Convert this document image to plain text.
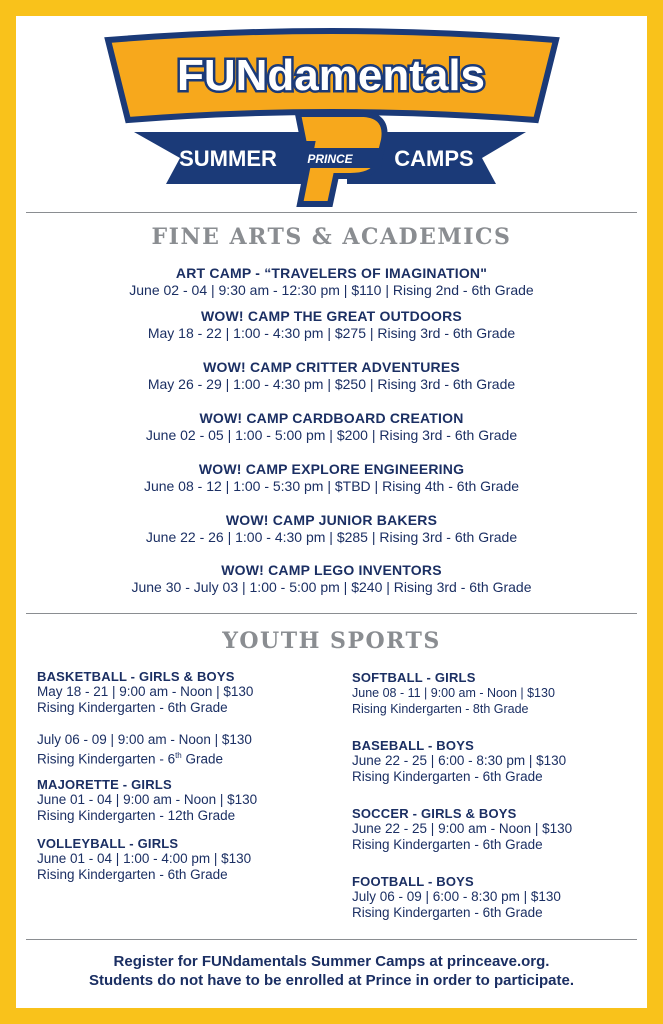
FUNdamentals
SUMMER	CAMPS
PRINCE
FINE ARTS & ACADEMICS
ART CAMP - “TRAVELERS OF IMAGINATION"
June 02 - 04 | 9:30 am - 12:30 pm | $110 | Rising 2nd - 6th Grade
WOW! CAMP THE GREAT OUTDOORS
May 18 - 22 | 1:00 - 4:30 pm | $275 | Rising 3rd - 6th Grade
WOW! CAMP CRITTER ADVENTURES
May 26 - 29 | 1:00 - 4:30 pm | $250 | Rising 3rd - 6th Grade
WOW! CAMP CARDBOARD CREATION
June 02 - 05 | 1:00 - 5:00 pm | $200 | Rising 3rd - 6th Grade
WOW! CAMP EXPLORE ENGINEERING
June 08 - 12 | 1:00 - 5:30 pm | $TBD | Rising 4th - 6th Grade
WOW! CAMP JUNIOR BAKERS
June 22 - 26 | 1:00 - 4:30 pm | $285 | Rising 3rd - 6th Grade
WOW! CAMP LEGO INVENTORS
June 30 - July 03 | 1:00 - 5:00 pm | $240 | Rising 3rd - 6th Grade
YOUTH SPORTS
BASKETBALL - GIRLS & BOYS
May 18 - 21 | 9:00 am - Noon | $130
Rising Kindergarten - 6th Grade
July 06 - 09 | 9:00 am - Noon | $130
Rising Kindergarten - 6th Grade
MAJORETTE - GIRLS
June 01 - 04 | 9:00 am - Noon | $130
Rising Kindergarten - 12th Grade
VOLLEYBALL - GIRLS
June 01 - 04 | 1:00 - 4:00 pm | $130
Rising Kindergarten - 6th Grade
SOFTBALL - GIRLS
June 08 - 11 | 9:00 am - Noon | $130
Rising Kindergarten - 8th Grade
BASEBALL - BOYS
June 22 - 25 | 6:00 - 8:30 pm | $130
Rising Kindergarten - 6th Grade
SOCCER - GIRLS & BOYS
June 22 - 25 | 9:00 am - Noon | $130
Rising Kindergarten - 6th Grade
FOOTBALL - BOYS
July 06 - 09 | 6:00 - 8:30 pm | $130
Rising Kindergarten - 6th Grade
Register for FUNdamentals Summer Camps at princeave.org.
Students do not have to be enrolled at Prince in order to participate.
